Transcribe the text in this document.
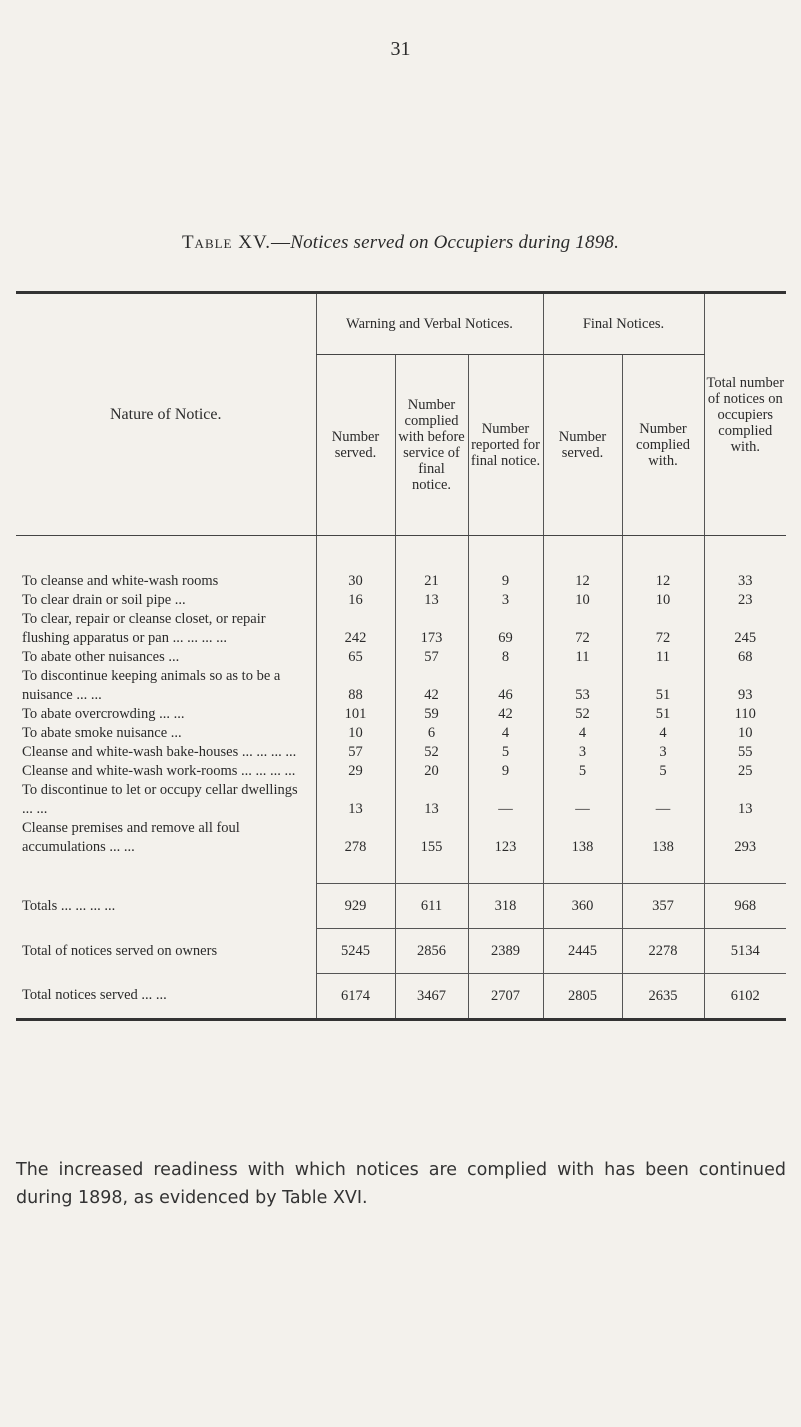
31
Table XV.—Notices served on Occupiers during 1898.
Nature of Notice.	Warning and Verbal Notices.			Final Notices.		Total number of notices on occupiers complied with.
	Number served.	Number complied with before service of final notice.	Number reported for final notice.	Number served.	Number complied with.	
To cleanse and white-wash rooms	30	21	9	12	12	33
To clear drain or soil pipe ...	16	13	3	10	10	23
To clear, repair or cleanse closet, or repair flushing apparatus or pan ... ... ... ...	242	173	69	72	72	245
To abate other nuisances ...	65	57	8	11	11	68
To discontinue keeping animals so as to be a nuisance ... ...	88	42	46	53	51	93
To abate overcrowding ... ...	101	59	42	52	51	110
To abate smoke nuisance ...	10	6	4	4	4	10
Cleanse and white-wash bake-houses ... ... ... ...	57	52	5	3	3	55
Cleanse and white-wash work-rooms ... ... ... ...	29	20	9	5	5	25
To discontinue to let or occupy cellar dwellings ... ...	13	13	—	—	—	13
Cleanse premises and remove all foul accumulations ... ...	278	155	123	138	138	293

Totals ... ... ... ...	929	611	318	360	357	968
Total of notices served on owners	5245	2856	2389	2445	2278	5134
Total notices served ... ...	6174	3467	2707	2805	2635	6102

The increased readiness with which notices are complied with has been continued during 1898, as evidenced by Table XVI.
